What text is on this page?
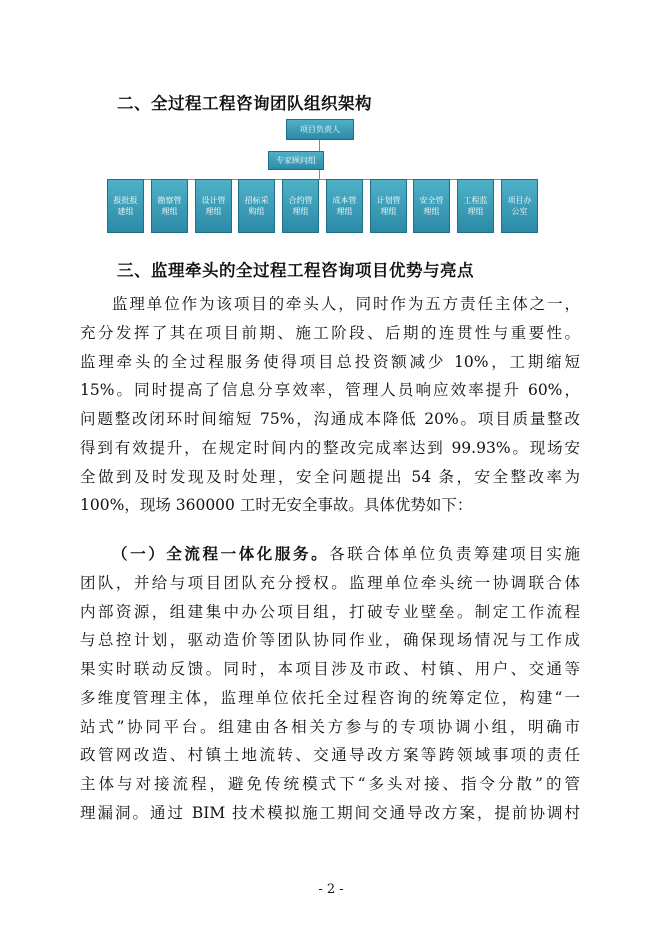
二、全过程工程咨询团队组织架构
项目负责人
专家顾问组
报批报建组
勘察管理组
设计管理组
招标采购组
合约管理组
成本管理组
计划管理组
安全管理组
工程监理组
项目办公室
三、监理牵头的全过程工程咨询项目优势与亮点
监理单位作为该项目的牵头人，同时作为五方责任主体之一，
充分发挥了其在项目前期、施工阶段、后期的连贯性与重要性。
监理牵头的全过程服务使得项目总投资额减少 10%，工期缩短
15%。同时提高了信息分享效率，管理人员响应效率提升 60%，
问题整改闭环时间缩短 75%，沟通成本降低 20%。项目质量整改
得到有效提升，在规定时间内的整改完成率达到 99.93%。现场安
全做到及时发现及时处理，安全问题提出 54 条，安全整改率为
100%，现场 360000 工时无安全事故。具体优势如下：
（一）全流程一体化服务。各联合体单位负责筹建项目实施
团队，并给与项目团队充分授权。监理单位牵头统一协调联合体
内部资源，组建集中办公项目组，打破专业壁垒。制定工作流程
与总控计划，驱动造价等团队协同作业，确保现场情况与工作成
果实时联动反馈。同时，本项目涉及市政、村镇、用户、交通等
多维度管理主体，监理单位依托全过程咨询的统筹定位，构建“一
站式”协同平台。组建由各相关方参与的专项协调小组，明确市
政管网改造、村镇土地流转、交通导改方案等跨领域事项的责任
主体与对接流程，避免传统模式下“多头对接、指令分散”的管
理漏洞。通过 BIM 技术模拟施工期间交通导改方案，提前协调村
- 2 -
